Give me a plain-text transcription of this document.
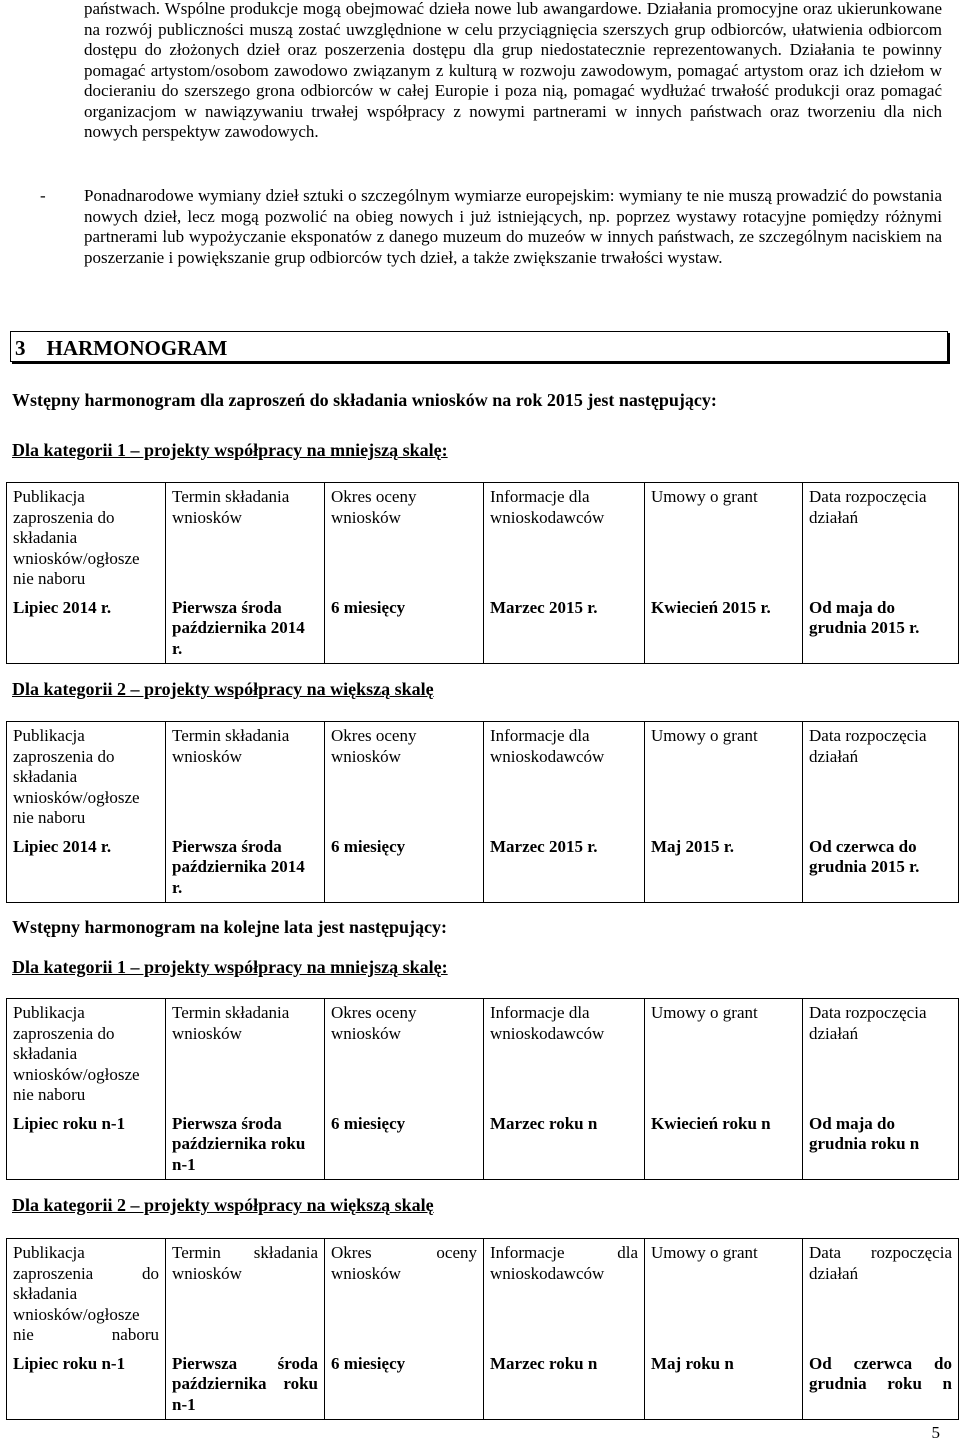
państwach. Wspólne produkcje mogą obejmować dzieła nowe lub awangardowe. Działania promocyjne oraz ukierunkowane na rozwój publiczności muszą zostać uwzględnione w celu przyciągnięcia szerszych grup odbiorców, ułatwienia odbiorcom dostępu do złożonych dzieł oraz poszerzenia dostępu dla grup niedostatecznie reprezentowanych. Działania te powinny pomagać artystom/osobom zawodowo związanym z kulturą w rozwoju zawodowym, pomagać artystom oraz ich dziełom w docieraniu do szerszego grona odbiorców w całej Europie i poza nią, pomagać wydłużać trwałość produkcji oraz pomagać organizacjom w nawiązywaniu trwałej współpracy z nowymi partnerami w innych państwach oraz tworzeniu dla nich nowych perspektyw zawodowych.

- Ponadnarodowe wymiany dzieł sztuki o szczególnym wymiarze europejskim: wymiany te nie muszą prowadzić do powstania nowych dzieł, lecz mogą pozwolić na obieg nowych i już istniejących, np. poprzez wystawy rotacyjne pomiędzy różnymi partnerami lub wypożyczanie eksponatów z danego muzeum do muzeów w innych państwach, ze szczególnym naciskiem na poszerzanie i powiększanie grup odbiorców tych dzieł, a także zwiększanie trwałości wystaw.

3    HARMONOGRAM
Wstępny harmonogram dla zaproszeń do składania wniosków na rok 2015 jest następujący:
Dla kategorii 1 – projekty współpracy na mniejszą skalę:
Publikacja zaproszenia do składania wniosków/ogłosze nie naboru	Termin składania wniosków	Okres oceny wniosków	Informacje dla wnioskodawców	Umowy o grant	Data rozpoczęcia działań
Lipiec 2014 r.	Pierwsza środa października 2014 r.	6 miesięcy	Marzec 2015 r.	Kwiecień 2015 r.	Od maja do grudnia 2015 r.
Dla kategorii 2 – projekty współpracy na większą skalę
Publikacja zaproszenia do składania wniosków/ogłosze nie naboru	Termin składania wniosków	Okres oceny wniosków	Informacje dla wnioskodawców	Umowy o grant	Data rozpoczęcia działań
Lipiec 2014 r.	Pierwsza środa października 2014 r.	6 miesięcy	Marzec 2015 r.	Maj 2015 r.	Od czerwca do grudnia 2015 r.
Wstępny harmonogram na kolejne lata jest następujący:
Dla kategorii 1 – projekty współpracy na mniejszą skalę:
Publikacja zaproszenia do składania wniosków/ogłosze nie naboru	Termin składania wniosków	Okres oceny wniosków	Informacje dla wnioskodawców	Umowy o grant	Data rozpoczęcia działań
Lipiec roku n-1	Pierwsza środa października roku n-1	6 miesięcy	Marzec roku n	Kwiecień roku n	Od maja do grudnia roku n
Dla kategorii 2 – projekty współpracy na większą skalę
Publikacja zaproszenia do składania wniosków/ogłosze nie naboru	Termin składania wniosków	Okres oceny wniosków	Informacje dla wnioskodawców	Umowy o grant	Data rozpoczęcia działań
Lipiec roku n-1	Pierwsza środa października roku n-1	6 miesięcy	Marzec roku n	Maj roku n	Od czerwca do grudnia roku n
5
